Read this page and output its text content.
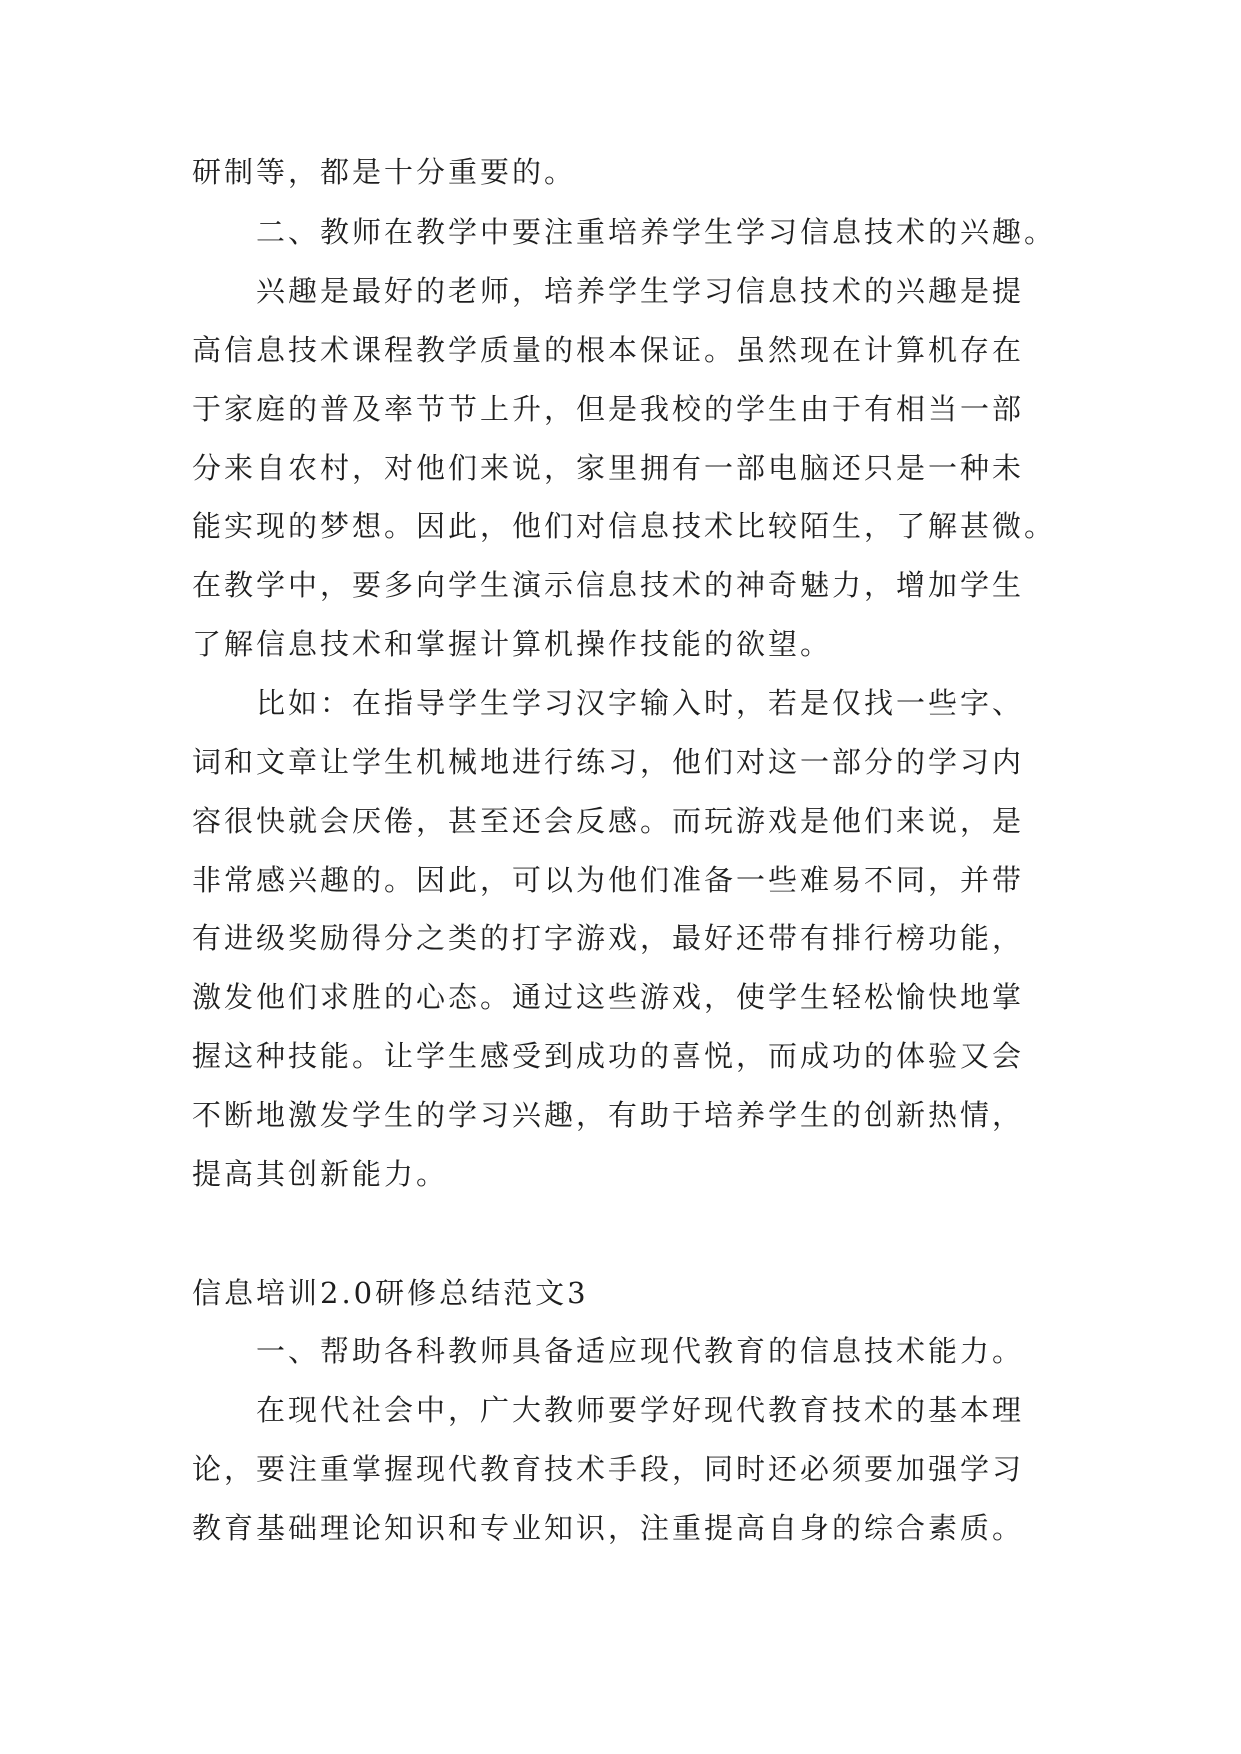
研制等，都是十分重要的。
二、教师在教学中要注重培养学生学习信息技术的兴趣。
兴趣是最好的老师，培养学生学习信息技术的兴趣是提
高信息技术课程教学质量的根本保证。虽然现在计算机存在
于家庭的普及率节节上升，但是我校的学生由于有相当一部
分来自农村，对他们来说，家里拥有一部电脑还只是一种未
能实现的梦想。因此，他们对信息技术比较陌生，了解甚微。
在教学中，要多向学生演示信息技术的神奇魅力，增加学生
了解信息技术和掌握计算机操作技能的欲望。
比如：在指导学生学习汉字输入时，若是仅找一些字、
词和文章让学生机械地进行练习，他们对这一部分的学习内
容很快就会厌倦，甚至还会反感。而玩游戏是他们来说，是
非常感兴趣的。因此，可以为他们准备一些难易不同，并带
有进级奖励得分之类的打字游戏，最好还带有排行榜功能，
激发他们求胜的心态。通过这些游戏，使学生轻松愉快地掌
握这种技能。让学生感受到成功的喜悦，而成功的体验又会
不断地激发学生的学习兴趣，有助于培养学生的创新热情，
提高其创新能力。
信息培训2.0研修总结范文3
一、帮助各科教师具备适应现代教育的信息技术能力。
在现代社会中，广大教师要学好现代教育技术的基本理
论，要注重掌握现代教育技术手段，同时还必须要加强学习
教育基础理论知识和专业知识，注重提高自身的综合素质。
